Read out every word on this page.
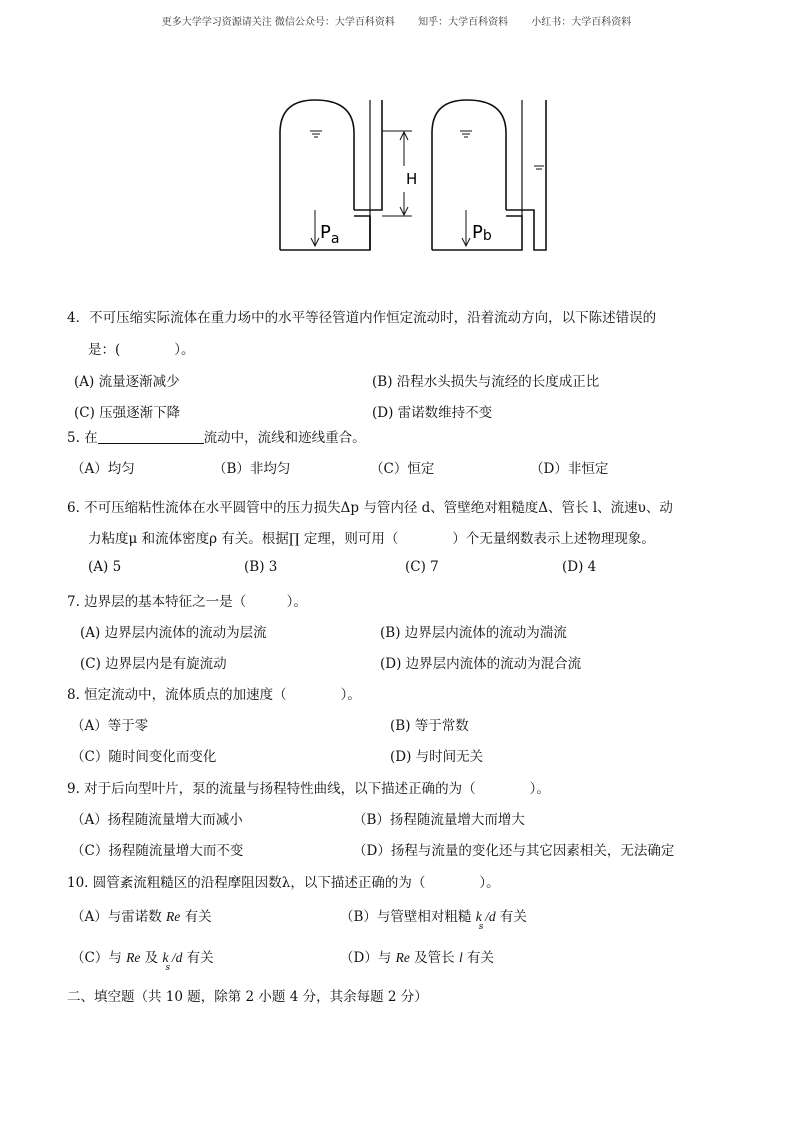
更多大学学习资源请关注 微信公众号：大学百科资料 知乎：大学百科资料 小红书：大学百科资料
H
$P_a$	Pb
4．不可压缩实际流体在重力场中的水平等径管道内作恒定流动时，沿着流动方向，以下陈述错误的
是：(　　　　）。
(A) 流量逐渐减少	(B) 沿程水头损失与流经的长度成正比
(C) 压强逐渐下降	(D) 雷诺数维持不变
5. 在	流动中，流线和迹线重合。
（A）均匀	（B）非均匀	（C）恒定	（D）非恒定
6. 不可压缩粘性流体在水平圆管中的压力损失Δp 与管内径 d、管壁绝对粗糙度Δ、管长 l、流速υ、动
力粘度μ 和流体密度ρ 有关。根据∏ 定理，则可用（　　　　）个无量纲数表示上述物理现象。
(A) 5	(B) 3	(C) 7	(D) 4
7. 边界层的基本特征之一是（　　　）。
(A) 边界层内流体的流动为层流	(B) 边界层内流体的流动为湍流
(C) 边界层内是有旋流动	(D) 边界层内流体的流动为混合流
8. 恒定流动中，流体质点的加速度（　　　　）。
（A）等于零	(B) 等于常数
（C）随时间变化而变化	(D) 与时间无关
9. 对于后向型叶片，泵的流量与扬程特性曲线，以下描述正确的为（　　　　）。
（A）扬程随流量增大而减小	（B）扬程随流量增大而增大
（C）扬程随流量增大而不变	（D）扬程与流量的变化还与其它因素相关，无法确定
10. 圆管紊流粗糙区的沿程摩阻因数λ，以下描述正确的为（　　　　）。
（A）与雷诺数 Re 有关	（B）与管壁相对粗糙 k
s
/d 有关
（C）与 Re 及 k
s
/d 有关	（D）与 Re 及管长 l 有关
二、填空题（共 10 题，除第 2 小题 4 分，其余每题 2 分）
